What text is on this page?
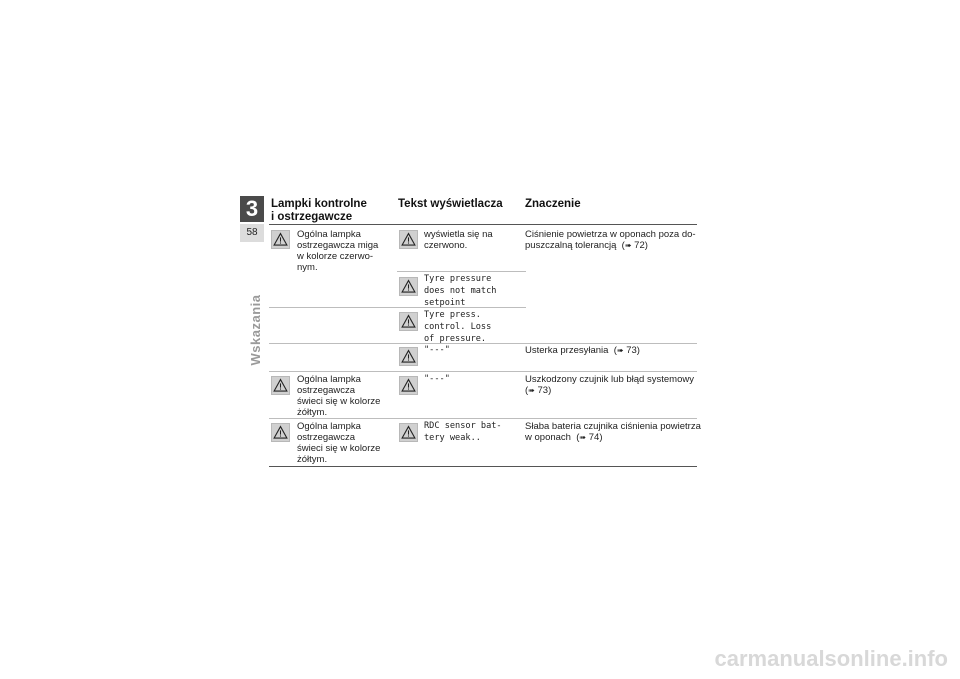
3
58
Wskazania
Lampki kontrolne
i ostrzegawcze
Tekst wyświetlacza Znaczenie
Ogólna lampka
ostrzegawcza miga
w kolorze czerwo-
nym.
wyświetla się na
czerwono.
Ciśnienie powietrza w oponach poza do-
puszczalną tolerancją  (➠ 72)
Tyre pressure
does not match
setpoint
Tyre press.
control. Loss
of pressure.
"---"	Usterka przesyłania  (➠ 73)
Ogólna lampka
ostrzegawcza
świeci się w kolorze
żółtym.
"---"	Uszkodzony czujnik lub błąd systemowy
(➠ 73)
Ogólna lampka
ostrzegawcza
świeci się w kolorze
żółtym.
RDC sensor bat-
tery weak..
Słaba bateria czujnika ciśnienia powietrza
w oponach  (➠ 74)
carmanualsonline.info
